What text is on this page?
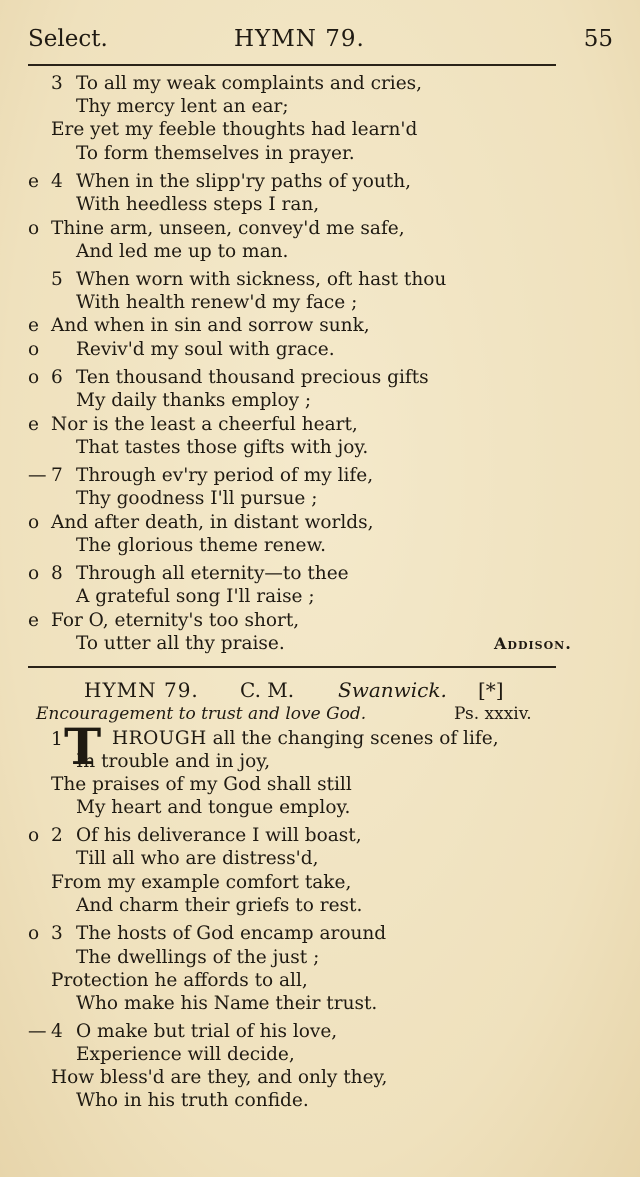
Select.	HYMN 79.	55
3 To all my weak complaints and cries,
Thy mercy lent an ear;
Ere yet my feeble thoughts had learn'd
To form themselves in prayer.
e 4 When in the slipp'ry paths of youth,
With heedless steps I ran,
o Thine arm, unseen, convey'd me safe,
And led me up to man.
5 When worn with sickness, oft hast thou
With health renew'd my face ;
e And when in sin and sorrow sunk,
o	Reviv'd my soul with grace.
o 6 Ten thousand thousand precious gifts
My daily thanks employ ;
e Nor is the least a cheerful heart,
That tastes those gifts with joy.
— 7 Through ev'ry period of my life,
Thy goodness I'll pursue ;
o And after death, in distant worlds,
The glorious theme renew.
o 8 Through all eternity—to thee
A grateful song I'll raise ;
e For O, eternity's too short,
To utter all thy praise.	Addison.
HYMN 79. C. M. Swanwick. [*]
Encouragement to trust and love God.	Ps. xxxiv.
1 T HROUGH all the changing scenes of life,
In trouble and in joy,
The praises of my God shall still
My heart and tongue employ.
o 2 Of his deliverance I will boast,
Till all who are distress'd,
From my example comfort take,
And charm their griefs to rest.
o 3 The hosts of God encamp around
The dwellings of the just ;
Protection he affords to all,
Who make his Name their trust.
— 4 O make but trial of his love,
Experience will decide,
How bless'd are they, and only they,
Who in his truth confide.
